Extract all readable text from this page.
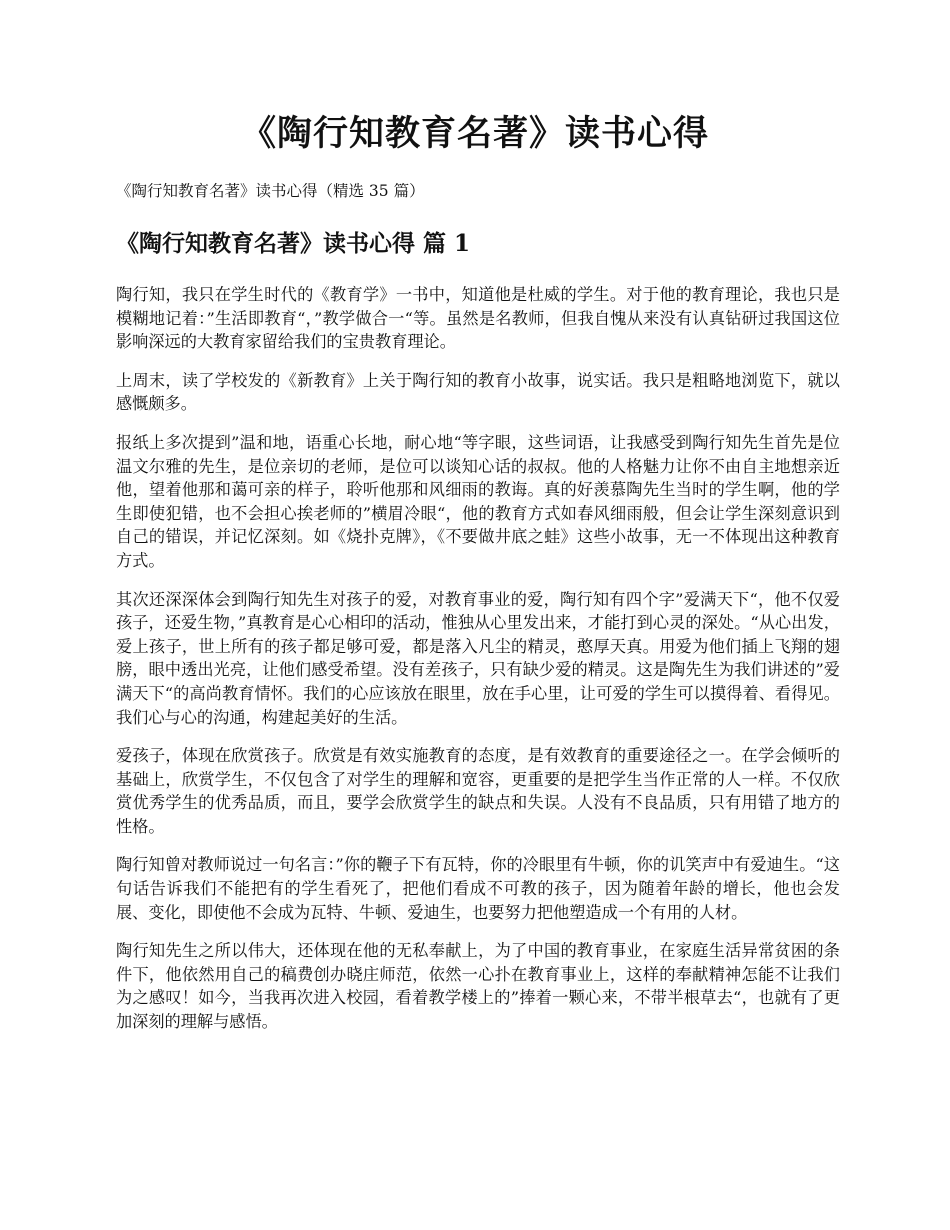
《陶行知教育名著》读书心得

《陶行知教育名著》读书心得（精选 35 篇）

《陶行知教育名著》读书心得 篇 1

陶行知，我只在学生时代的《教育学》一书中，知道他是杜威的学生。对于他的教育理论，我也只是模糊地记着：”生活即教育“，”教学做合一“等。虽然是名教师，但我自愧从来没有认真钻研过我国这位影响深远的大教育家留给我们的宝贵教育理论。

上周末，读了学校发的《新教育》上关于陶行知的教育小故事，说实话。我只是粗略地浏览下，就以感慨颇多。

报纸上多次提到”温和地，语重心长地，耐心地“等字眼，这些词语，让我感受到陶行知先生首先是位温文尔雅的先生，是位亲切的老师，是位可以谈知心话的叔叔。他的人格魅力让你不由自主地想亲近他，望着他那和蔼可亲的样子，聆听他那和风细雨的教诲。真的好羡慕陶先生当时的学生啊，他的学生即使犯错，也不会担心挨老师的”横眉冷眼“，他的教育方式如春风细雨般，但会让学生深刻意识到自己的错误，并记忆深刻。如《烧扑克牌》，《不要做井底之蛙》这些小故事，无一不体现出这种教育方式。

其次还深深体会到陶行知先生对孩子的爱，对教育事业的爱，陶行知有四个字”爱满天下“，他不仅爱孩子，还爱生物，”真教育是心心相印的活动，惟独从心里发出来，才能打到心灵的深处。“从心出发，爱上孩子，世上所有的孩子都足够可爱，都是落入凡尘的精灵，憨厚天真。用爱为他们插上飞翔的翅膀，眼中透出光亮，让他们感受希望。没有差孩子，只有缺少爱的精灵。这是陶先生为我们讲述的”爱满天下“的高尚教育情怀。我们的心应该放在眼里，放在手心里，让可爱的学生可以摸得着、看得见。我们心与心的沟通，构建起美好的生活。

爱孩子，体现在欣赏孩子。欣赏是有效实施教育的态度，是有效教育的重要途径之一。在学会倾听的基础上，欣赏学生，不仅包含了对学生的理解和宽容，更重要的是把学生当作正常的人一样。不仅欣赏优秀学生的优秀品质，而且，要学会欣赏学生的缺点和失误。人没有不良品质，只有用错了地方的性格。

陶行知曾对教师说过一句名言：”你的鞭子下有瓦特，你的冷眼里有牛顿，你的讥笑声中有爱迪生。“这句话告诉我们不能把有的学生看死了，把他们看成不可教的孩子，因为随着年龄的增长，他也会发展、变化，即使他不会成为瓦特、牛顿、爱迪生，也要努力把他塑造成一个有用的人材。

陶行知先生之所以伟大，还体现在他的无私奉献上，为了中国的教育事业，在家庭生活异常贫困的条件下，他依然用自己的稿费创办晓庄师范，依然一心扑在教育事业上，这样的奉献精神怎能不让我们为之感叹！如今，当我再次进入校园，看着教学楼上的”捧着一颗心来，不带半根草去“，也就有了更加深刻的理解与感悟。
